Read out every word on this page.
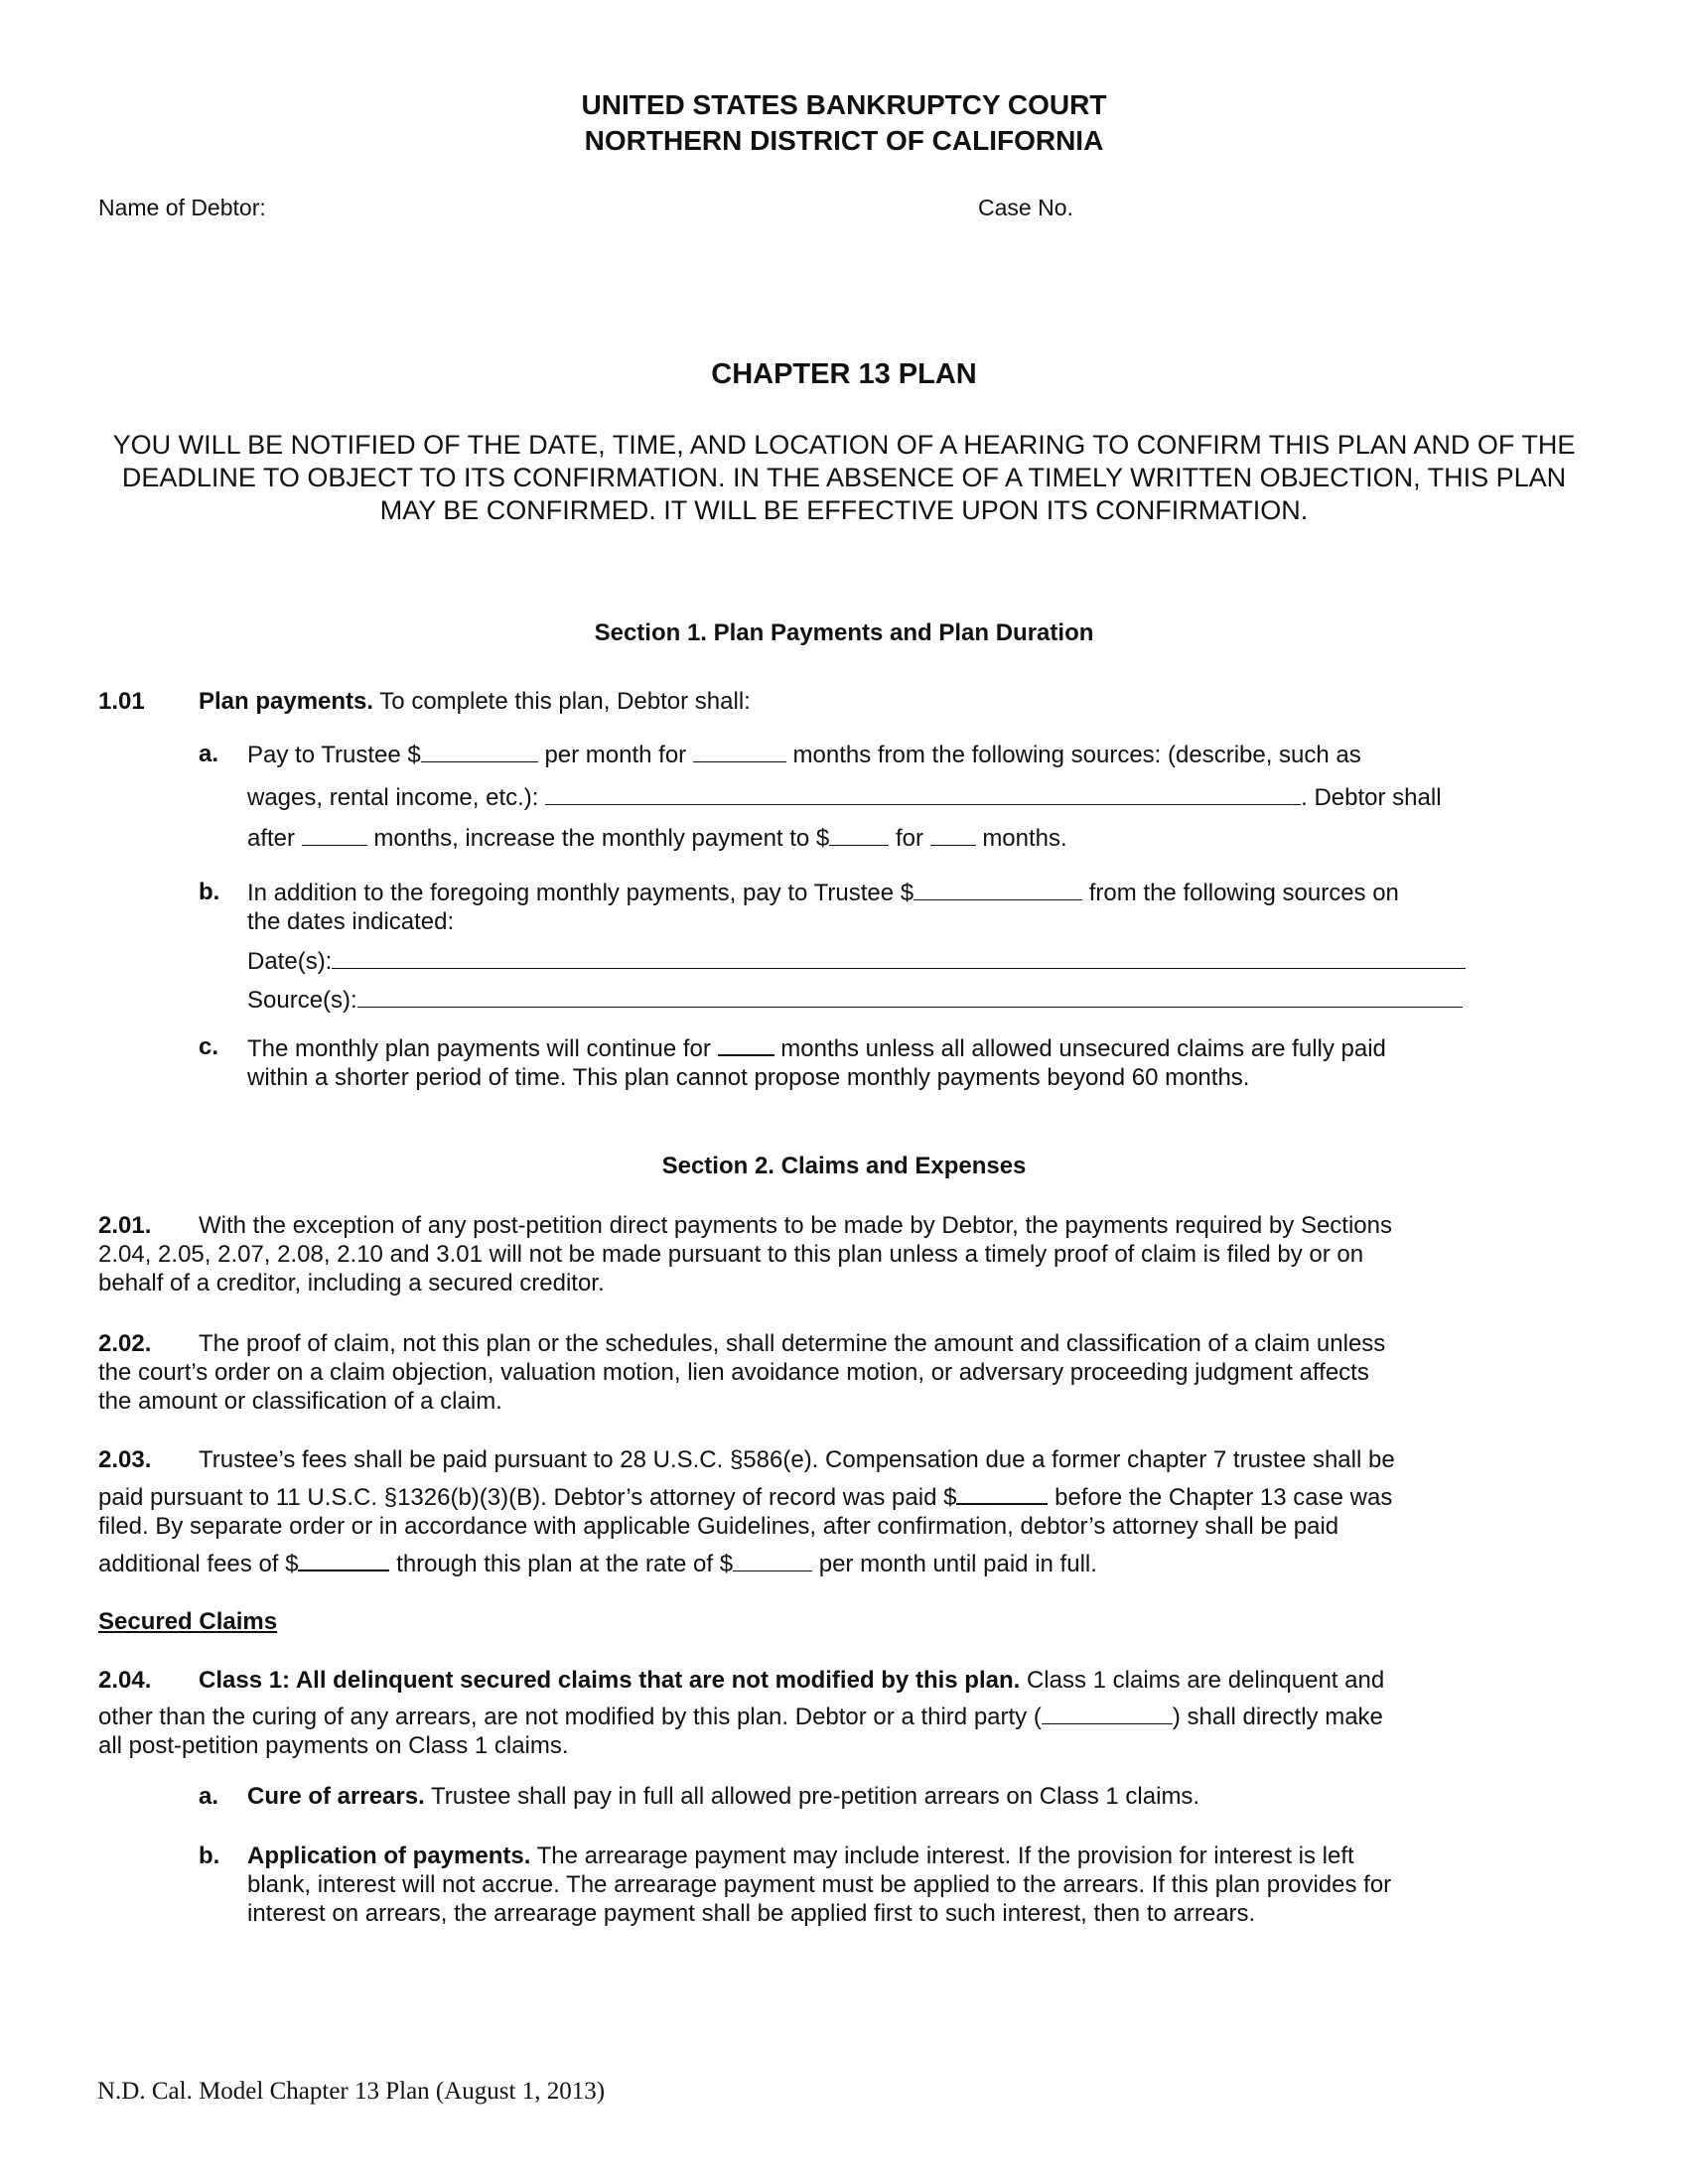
UNITED STATES BANKRUPTCY COURT
NORTHERN DISTRICT OF CALIFORNIA
Name of Debtor:	Case No.
CHAPTER 13 PLAN
YOU WILL BE NOTIFIED OF THE DATE, TIME, AND LOCATION OF A HEARING TO CONFIRM THIS PLAN AND OF THE DEADLINE TO OBJECT TO ITS CONFIRMATION. IN THE ABSENCE OF A TIMELY WRITTEN OBJECTION, THIS PLAN MAY BE CONFIRMED. IT WILL BE EFFECTIVE UPON ITS CONFIRMATION.
Section 1. Plan Payments and Plan Duration
1.01 Plan payments. To complete this plan, Debtor shall:
a. Pay to Trustee $	per month for	months from the following sources: (describe, such as
wages, rental income, etc.):	. Debtor shall
after	months, increase the monthly payment to $	for months.
b. In addition to the foregoing monthly payments, pay to Trustee $	from the following sources on
the dates indicated:
Date(s):
Source(s):
c. The monthly plan payments will continue for	months unless all allowed unsecured claims are fully paid
within a shorter period of time. This plan cannot propose monthly payments beyond 60 months.
Section 2. Claims and Expenses
2.01. With the exception of any post-petition direct payments to be made by Debtor, the payments required by Sections
2.04, 2.05, 2.07, 2.08, 2.10 and 3.01 will not be made pursuant to this plan unless a timely proof of claim is filed by or on
behalf of a creditor, including a secured creditor.
2.02. The proof of claim, not this plan or the schedules, shall determine the amount and classification of a claim unless
the court’s order on a claim objection, valuation motion, lien avoidance motion, or adversary proceeding judgment affects
the amount or classification of a claim.
2.03. Trustee’s fees shall be paid pursuant to 28 U.S.C. §586(e). Compensation due a former chapter 7 trustee shall be
paid pursuant to 11 U.S.C. §1326(b)(3)(B). Debtor’s attorney of record was paid $	before the Chapter 13 case was
filed. By separate order or in accordance with applicable Guidelines, after confirmation, debtor’s attorney shall be paid
additional fees of $	through this plan at the rate of $	per month until paid in full.
Secured Claims
2.04. Class 1: All delinquent secured claims that are not modified by this plan. Class 1 claims are delinquent and
other than the curing of any arrears, are not modified by this plan. Debtor or a third party (	) shall directly make
all post-petition payments on Class 1 claims.
a. Cure of arrears. Trustee shall pay in full all allowed pre-petition arrears on Class 1 claims.
b. Application of payments. The arrearage payment may include interest. If the provision for interest is left
blank, interest will not accrue. The arrearage payment must be applied to the arrears. If this plan provides for
interest on arrears, the arrearage payment shall be applied first to such interest, then to arrears.
N.D. Cal. Model Chapter 13 Plan (August 1, 2013)
